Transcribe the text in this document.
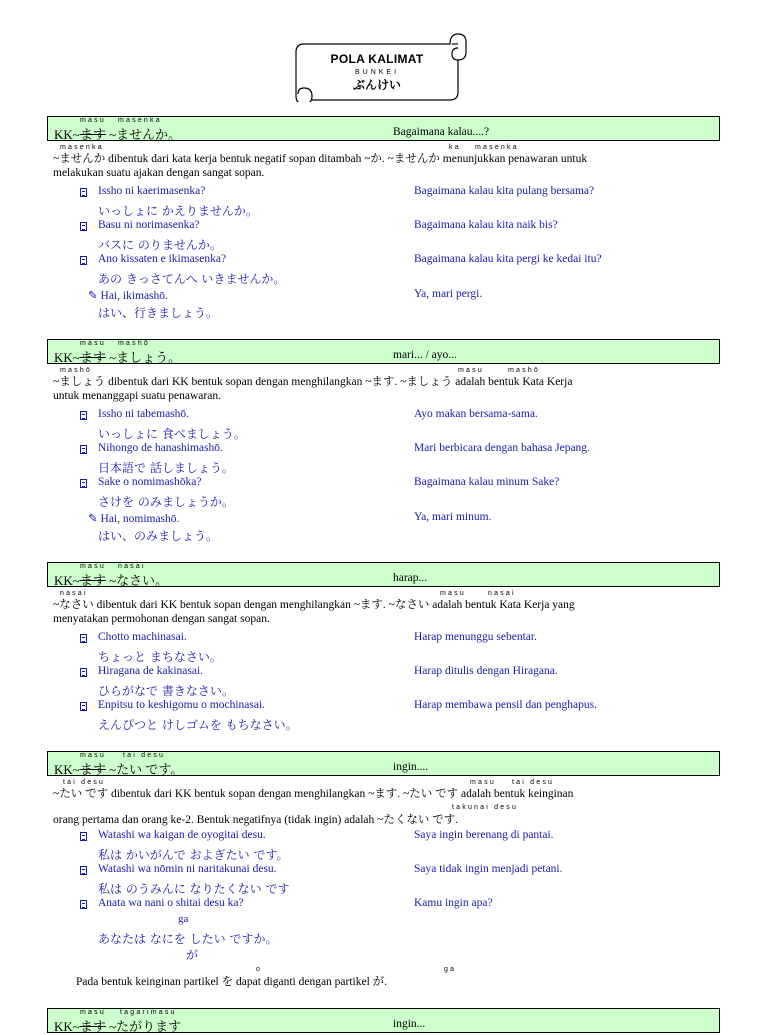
POLA KALIMAT
BUNKEI
ぶんけい
masu masenka
KK~ます ~ませんか。	Bagaimana kalau....?
masenka	ka masenka
~ませんか dibentuk dari kata kerja bentuk negatif sopan ditambah ~か. ~ませんか menunjukkan penawaran untuk
melakukan suatu ajakan dengan sangat sopan.
Issho ni kaerimasenka?	Bagaimana kalau kita pulang bersama?
いっしょに かえりませんか。
Basu ni norimasenka?	Bagaimana kalau kita naik bis?
バスに のりませんか。
Ano kissaten e ikimasenka?	Bagaimana kalau kita pergi ke kedai itu?
あの きっさてんへ いきませんか。
✎ Hai, ikimashō.	Ya, mari pergi.
はい、行きましょう。
masu mashō
KK~ます ~ましょう。	mari... / ayo...
mashō	masu	mashō
~ましょう dibentuk dari KK bentuk sopan dengan menghilangkan ~ます. ~ましょう adalah bentuk Kata Kerja
untuk menanggapi suatu penawaran.
Issho ni tabemashō.	Ayo makan bersama-sama.
いっしょに 食べましょう。
Nihongo de hanashimashō.	Mari berbicara dengan bahasa Jepang.
日本語で 話しましょう。
Sake o nomimashōka?	Bagaimana kalau minum Sake?
さけを のみましょうか。
✎ Hai, nomimashō.	Ya, mari minum.
はい、のみましょう。
masu nasai
KK~ます ~なさい。	harap...
nasai	masu	nasai
~なさい dibentuk dari KK bentuk sopan dengan menghilangkan ~ます. ~なさい adalah bentuk Kata Kerja yang
menyatakan permohonan dengan sangat sopan.
Chotto machinasai.	Harap menunggu sebentar.
ちょっと まちなさい。
Hiragana de kakinasai.	Harap ditulis dengan Hiragana.
ひらがなで 書きなさい。
Enpitsu to keshigomu o mochinasai.	Harap membawa pensil dan penghapus.
えんぴつと けしゴムを もちなさい。
masu tai desu
KK~ます ~たい です。	ingin....
tai desu	masu tai desu
~たい です dibentuk dari KK bentuk sopan dengan menghilangkan ~ます. ~たい です adalah bentuk keinginan
takunai desu
orang pertama dan orang ke-2. Bentuk negatifnya (tidak ingin) adalah ~たくない です.
Watashi wa kaigan de oyogitai desu.	Saya ingin berenang di pantai.
私は かいがんで およぎたい です。
Watashi wa nōmin ni naritakunai desu.	Saya tidak ingin menjadi petani.
私は のうみんに なりたくない です
Anata wa nani o shitai desu ka?	Kamu ingin apa?
ga
あなたは なにを したい ですか。
が
o	ga
Pada bentuk keinginan partikel を dapat diganti dengan partikel が.
masu tagarimasu
KK~ます ~たがります	ingin...
